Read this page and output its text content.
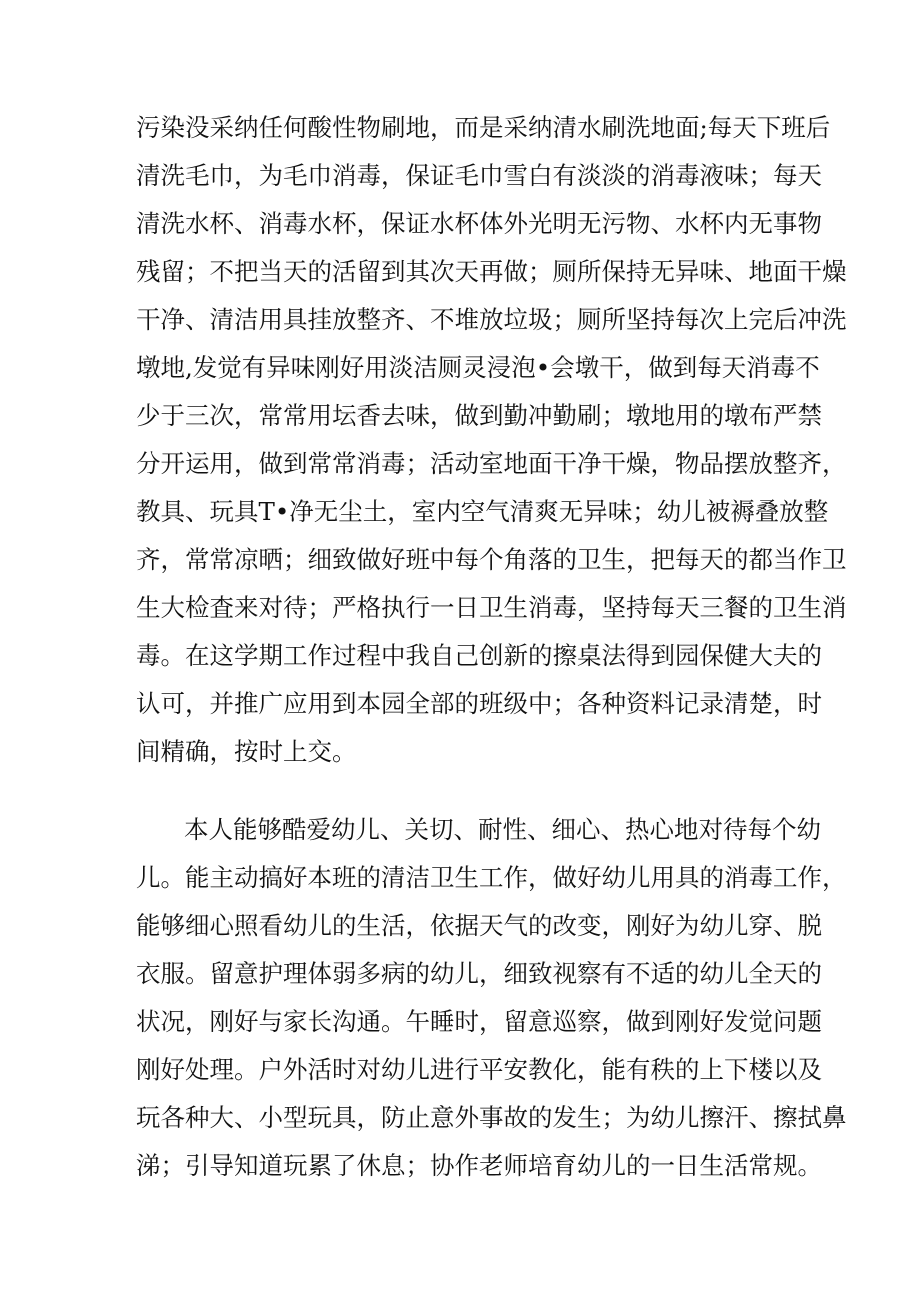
污染没采纳任何酸性物刷地，而是采纳清水刷洗地面;每天下班后
清洗毛巾，为毛巾消毒，保证毛巾雪白有淡淡的消毒液味；每天
清洗水杯、消毒水杯，保证水杯体外光明无污物、水杯内无事物
残留；不把当天的活留到其次天再做；厕所保持无异味、地面干燥
干净、清洁用具挂放整齐、不堆放垃圾；厕所坚持每次上完后冲洗
墩地,发觉有异味刚好用淡洁厕灵浸泡•会墩干，做到每天消毒不
少于三次，常常用坛香去味，做到勤冲勤刷；墩地用的墩布严禁
分开运用，做到常常消毒；活动室地面干净干燥，物品摆放整齐，
教具、玩具T•净无尘土，室内空气清爽无异味；幼儿被褥叠放整
齐，常常凉晒；细致做好班中每个角落的卫生，把每天的都当作卫
生大检査来对待；严格执行一日卫生消毒，坚持每天三餐的卫生消
毒。在这学期工作过程中我自己创新的擦桌法得到园保健大夫的
认可，并推广应用到本园全部的班级中；各种资料记录清楚，时
间精确，按时上交。
本人能够酷爱幼儿、关切、耐性、细心、热心地对待每个幼
儿。能主动搞好本班的清洁卫生工作，做好幼儿用具的消毒工作，
能够细心照看幼儿的生活，依据天气的改变，刚好为幼儿穿、脱
衣服。留意护理体弱多病的幼儿，细致视察有不适的幼儿全天的
状况，刚好与家长沟通。午睡时，留意巡察，做到刚好发觉问题
刚好处理。户外活时对幼儿进行平安教化，能有秩的上下楼以及
玩各种大、小型玩具，防止意外事故的发生；为幼儿擦汗、擦拭鼻
涕；引导知道玩累了休息；协作老师培育幼儿的一日生活常规。
